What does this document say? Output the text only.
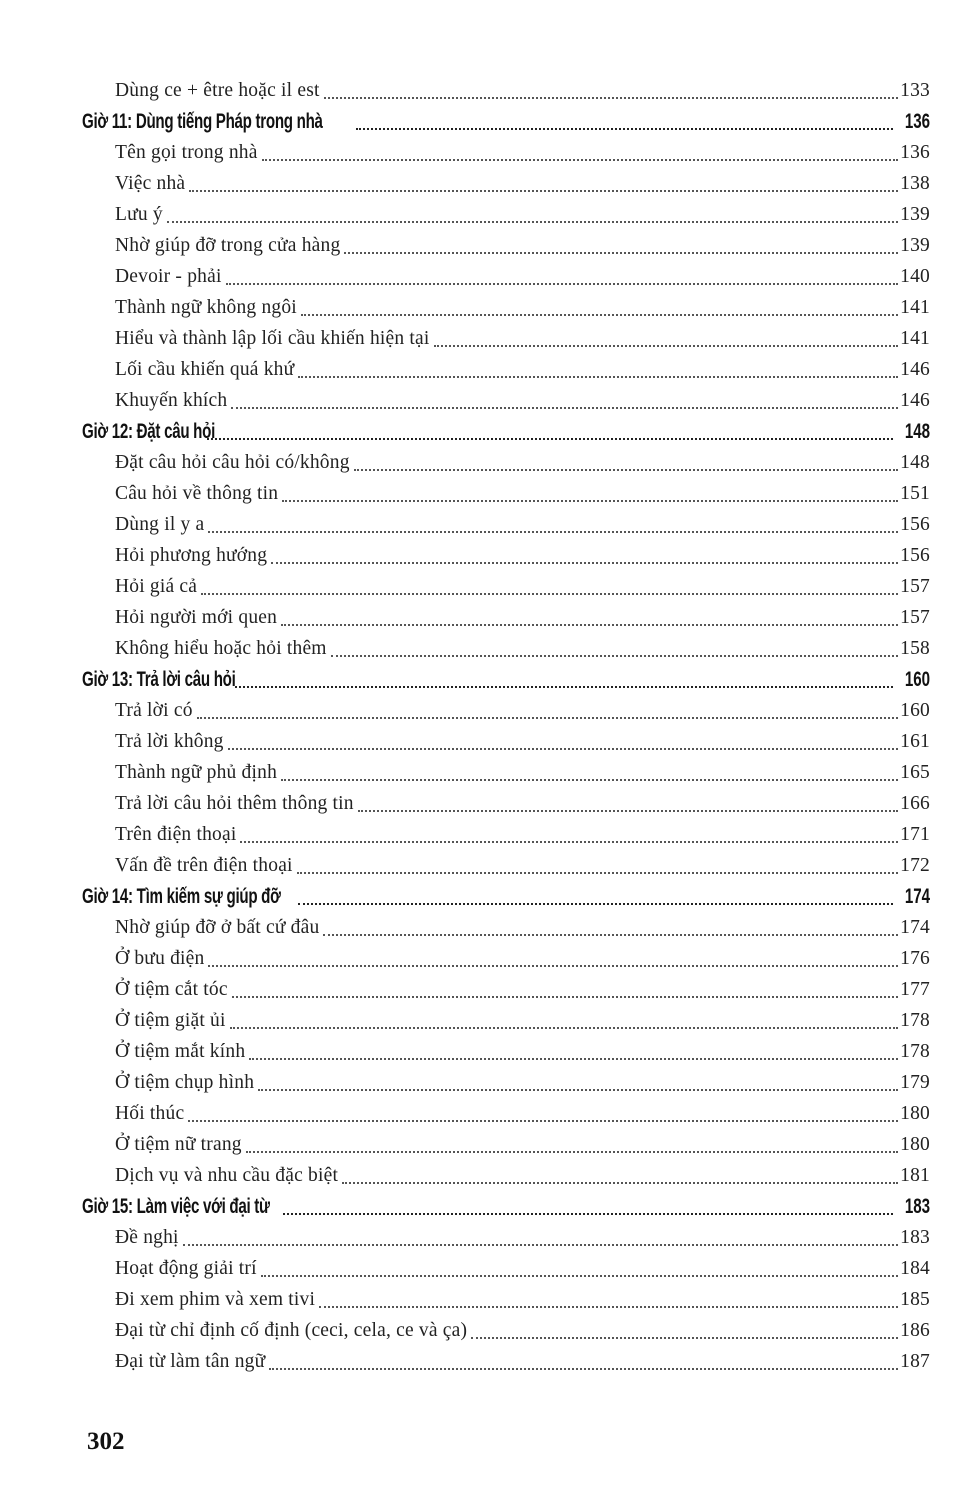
Dùng ce + être hoặc il est	133
Giờ 11: Dùng tiếng Pháp trong nhà	136
Tên gọi trong nhà	136
Việc nhà	138
Lưu ý	139
Nhờ giúp đỡ trong cửa hàng	139
Devoir - phải	140
Thành ngữ không ngôi	141
Hiểu và thành lập lối cầu khiến hiện tại	141
Lối cầu khiến quá khứ	146
Khuyến khích	146
Giờ 12: Đặt câu hỏi	148
Đặt câu hỏi câu hỏi có/không	148
Câu hỏi về thông tin	151
Dùng il y a	156
Hỏi phương hướng	156
Hỏi giá cả	157
Hỏi người mới quen	157
Không hiểu hoặc hỏi thêm	158
Giờ 13: Trả lời câu hỏi	160
Trả lời có	160
Trả lời không	161
Thành ngữ phủ định	165
Trả lời câu hỏi thêm thông tin	166
Trên điện thoại	171
Vấn đề trên điện thoại	172
Giờ 14: Tìm kiếm sự giúp đỡ	174
Nhờ giúp đỡ ở bất cứ đâu	174
Ở bưu điện	176
Ở tiệm cắt tóc	177
Ở tiệm giặt ủi	178
Ở tiệm mắt kính	178
Ở tiệm chụp hình	179
Hối thúc	180
Ở tiệm nữ trang	180
Dịch vụ và nhu cầu đặc biệt	181
Giờ 15: Làm việc với đại từ	183
Đề nghị	183
Hoạt động giải trí	184
Đi xem phim và xem tivi	185
Đại từ chỉ định cố định (ceci, cela, ce và ça)	186
Đại từ làm tân ngữ	187
302
